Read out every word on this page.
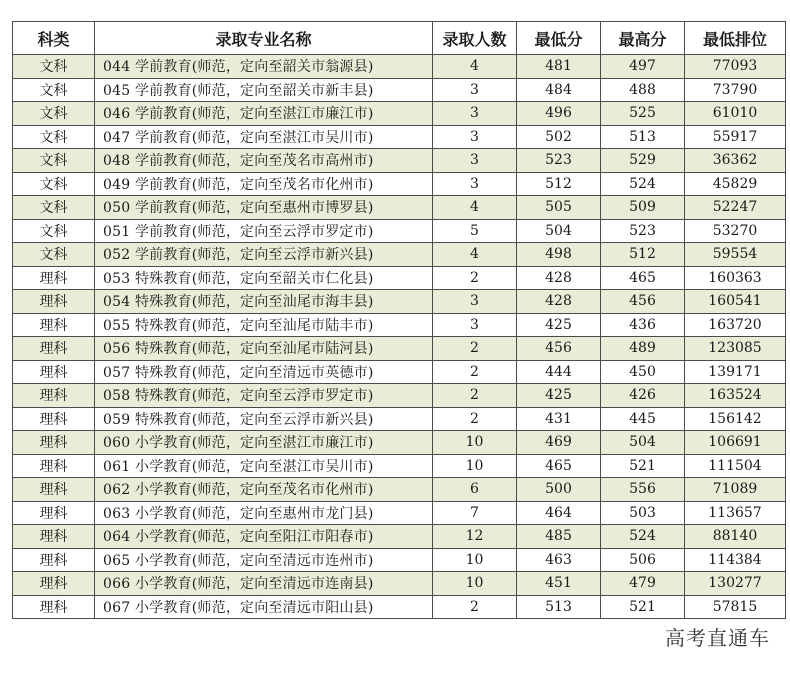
科类	录取专业名称	录取人数	最低分	最高分	最低排位
文科	044 学前教育(师范，定向至韶关市翁源县)	4	481	497	77093
文科	045 学前教育(师范，定向至韶关市新丰县)	3	484	488	73790
文科	046 学前教育(师范，定向至湛江市廉江市)	3	496	525	61010
文科	047 学前教育(师范，定向至湛江市吴川市)	3	502	513	55917
文科	048 学前教育(师范，定向至茂名市高州市)	3	523	529	36362
文科	049 学前教育(师范，定向至茂名市化州市)	3	512	524	45829
文科	050 学前教育(师范，定向至惠州市博罗县)	4	505	509	52247
文科	051 学前教育(师范，定向至云浮市罗定市)	5	504	523	53270
文科	052 学前教育(师范，定向至云浮市新兴县)	4	498	512	59554
理科	053 特殊教育(师范，定向至韶关市仁化县)	2	428	465	160363
理科	054 特殊教育(师范，定向至汕尾市海丰县)	3	428	456	160541
理科	055 特殊教育(师范，定向至汕尾市陆丰市)	3	425	436	163720
理科	056 特殊教育(师范，定向至汕尾市陆河县)	2	456	489	123085
理科	057 特殊教育(师范，定向至清远市英德市)	2	444	450	139171
理科	058 特殊教育(师范，定向至云浮市罗定市)	2	425	426	163524
理科	059 特殊教育(师范，定向至云浮市新兴县)	2	431	445	156142
理科	060 小学教育(师范，定向至湛江市廉江市)	10	469	504	106691
理科	061 小学教育(师范，定向至湛江市吴川市)	10	465	521	111504
理科	062 小学教育(师范，定向至茂名市化州市)	6	500	556	71089
理科	063 小学教育(师范，定向至惠州市龙门县)	7	464	503	113657
理科	064 小学教育(师范，定向至阳江市阳春市)	12	485	524	88140
理科	065 小学教育(师范，定向至清远市连州市)	10	463	506	114384
理科	066 小学教育(师范，定向至清远市连南县)	10	451	479	130277
理科	067 小学教育(师范，定向至清远市阳山县)	2	513	521	57815
高考直通车
